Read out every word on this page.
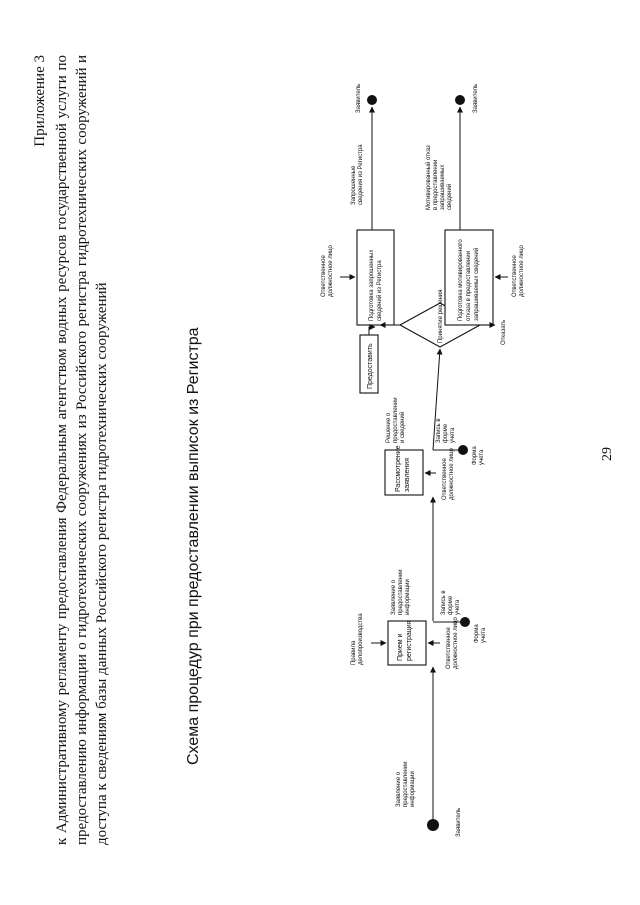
Приложение 3 к Административному регламенту предоставления Федеральным агентством водных ресурсов государственной услуги по предоставлению информации о гидротехнических сооружениях из Российского регистра гидротехнических сооружений и доступа к сведениям базы данных Российского регистра гидротехнических сооружений	Схема процедур при предоставлении выписок из Регистра
Заявитель
Заявление о предоставлении информации
Правила делопроизводства	Прием и регистрация	Ответственное должностное лицо
Заявление о предоставлении информации	Запись в форме учета
Форма учета
Рассмотрение заявления	Ответственное должностное лицо
Решение о предоставлении и сведений	Запись в форме учета
Форма учета
Предоставить
Принятие решения	Отказать
Подготовка запрошенных сведений из Регистра
Ответственное должностное лицо
Запрошенные сведения из Регистра
Заявитель
Подготовка мотивированного отказа в предоставлении запрашиваемых сведений	Ответственное должностное лицо
Мотивированный отказ в предоставлении запрашиваемых сведений
Заявитель
29
